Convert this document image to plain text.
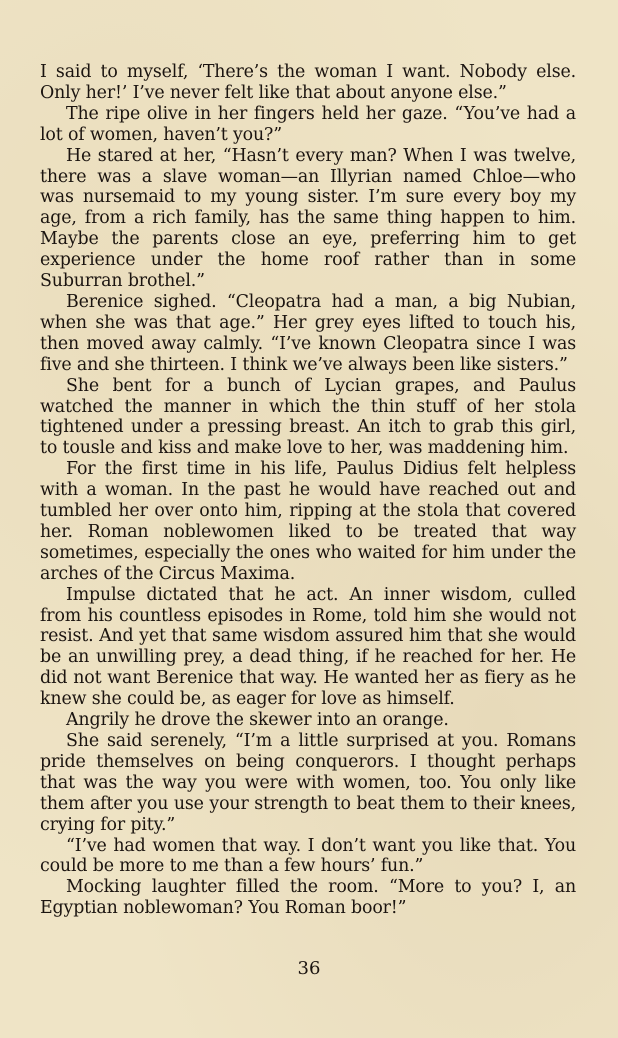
I said to myself, ‘There’s the woman I want. Nobody else. Only her!’ I’ve never felt like that about anyone else.”

The ripe olive in her fingers held her gaze. “You’ve had a lot of women, haven’t you?”

He stared at her, “Hasn’t every man? When I was twelve, there was a slave woman—an Illyrian named Chloe—who was nursemaid to my young sister. I’m sure every boy my age, from a rich family, has the same thing happen to him. Maybe the parents close an eye, preferring him to get experience under the home roof rather than in some Suburran brothel.”

Berenice sighed. “Cleopatra had a man, a big Nubian, when she was that age.” Her grey eyes lifted to touch his, then moved away calmly. “I’ve known Cleopatra since I was five and she thirteen. I think we’ve always been like sisters.”

She bent for a bunch of Lycian grapes, and Paulus watched the manner in which the thin stuff of her stola tightened under a pressing breast. An itch to grab this girl, to tousle and kiss and make love to her, was maddening him.

For the first time in his life, Paulus Didius felt helpless with a woman. In the past he would have reached out and tumbled her over onto him, ripping at the stola that covered her. Roman noblewomen liked to be treated that way sometimes, especially the ones who waited for him under the arches of the Circus Maxima.

Impulse dictated that he act. An inner wisdom, culled from his countless episodes in Rome, told him she would not resist. And yet that same wisdom assured him that she would be an unwilling prey, a dead thing, if he reached for her. He did not want Berenice that way. He wanted her as fiery as he knew she could be, as eager for love as himself.

Angrily he drove the skewer into an orange.

She said serenely, “I’m a little surprised at you. Romans pride themselves on being conquerors. I thought perhaps that was the way you were with women, too. You only like them after you use your strength to beat them to their knees, crying for pity.”

“I’ve had women that way. I don’t want you like that. You could be more to me than a few hours’ fun.”

Mocking laughter filled the room. “More to you? I, an Egyptian noblewoman? You Roman boor!”

36
